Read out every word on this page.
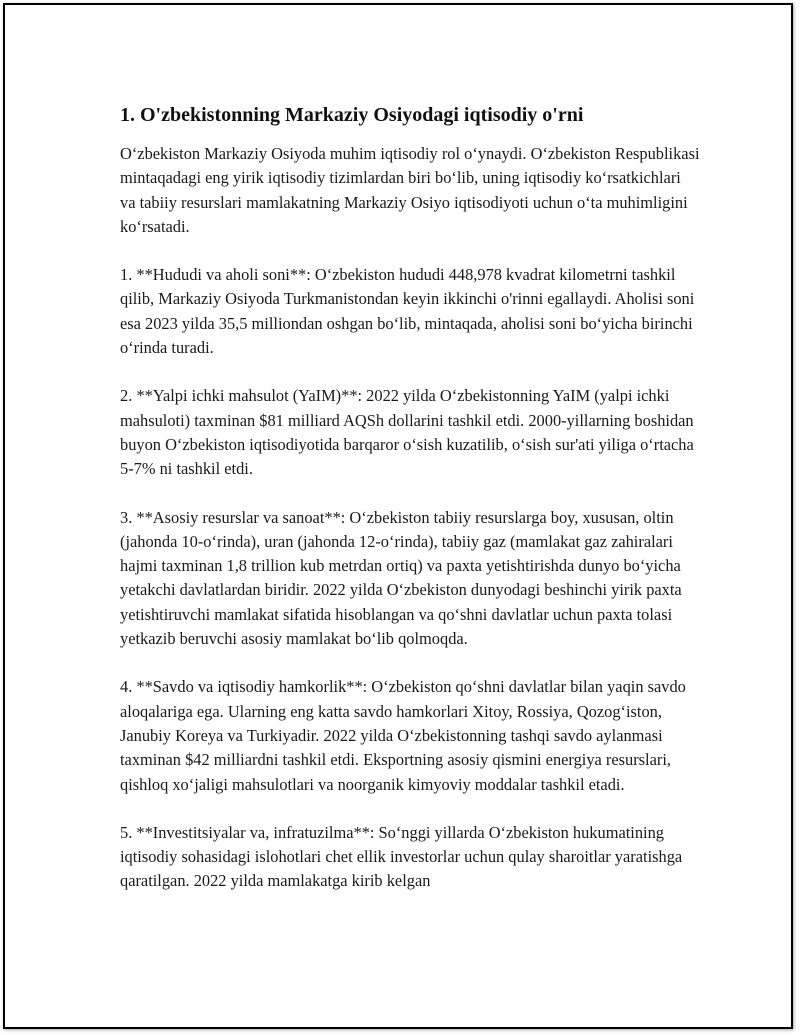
1. O'zbekistonning Markaziy Osiyodagi iqtisodiy o'rni

O‘zbekiston Markaziy Osiyoda muhim iqtisodiy rol o‘ynaydi. O‘zbekiston Respublikasi mintaqadagi eng yirik iqtisodiy tizimlardan biri bo‘lib, uning iqtisodiy ko‘rsatkichlari va tabiiy resurslari mamlakatning Markaziy Osiyo iqtisodiyoti uchun o‘ta muhimligini ko‘rsatadi.

1. **Hududi va aholi soni**: O‘zbekiston hududi 448,978 kvadrat kilometrni tashkil qilib, Markaziy Osiyoda Turkmanistondan keyin ikkinchi o'rinni egallaydi. Aholisi soni esa 2023 yilda 35,5 milliondan oshgan bo‘lib, mintaqada, aholisi soni bo‘yicha birinchi o‘rinda turadi.

2. **Yalpi ichki mahsulot (YaIM)**: 2022 yilda O‘zbekistonning YaIM (yalpi ichki mahsuloti) taxminan $81 milliard AQSh dollarini tashkil etdi. 2000-yillarning boshidan buyon O‘zbekiston iqtisodiyotida barqaror o‘sish kuzatilib, o‘sish sur'ati yiliga o‘rtacha 5-7% ni tashkil etdi.

3. **Asosiy resurslar va sanoat**: O‘zbekiston tabiiy resurslarga boy, xususan, oltin (jahonda 10-o‘rinda), uran (jahonda 12-o‘rinda), tabiiy gaz (mamlakat gaz zahiralari hajmi taxminan 1,8 trillion kub metrdan ortiq) va paxta yetishtirishda dunyo bo‘yicha yetakchi davlatlardan biridir. 2022 yilda O‘zbekiston dunyodagi beshinchi yirik paxta yetishtiruvchi mamlakat sifatida hisoblangan va qo‘shni davlatlar uchun paxta tolasi yetkazib beruvchi asosiy mamlakat bo‘lib qolmoqda.

4. **Savdo va iqtisodiy hamkorlik**: O‘zbekiston qo‘shni davlatlar bilan yaqin savdo aloqalariga ega. Ularning eng katta savdo hamkorlari Xitoy, Rossiya, Qozog‘iston, Janubiy Koreya va Turkiyadir. 2022 yilda O‘zbekistonning tashqi savdo aylanmasi taxminan $42 milliardni tashkil etdi. Eksportning asosiy qismini energiya resurslari, qishloq xo‘jaligi mahsulotlari va noorganik kimyoviy moddalar tashkil etadi.

5. **Investitsiyalar va, infratuzilma**: So‘nggi yillarda O‘zbekiston hukumatining iqtisodiy sohasidagi islohotlari chet ellik investorlar uchun qulay sharoitlar yaratishga qaratilgan. 2022 yilda mamlakatga kirib kelgan
